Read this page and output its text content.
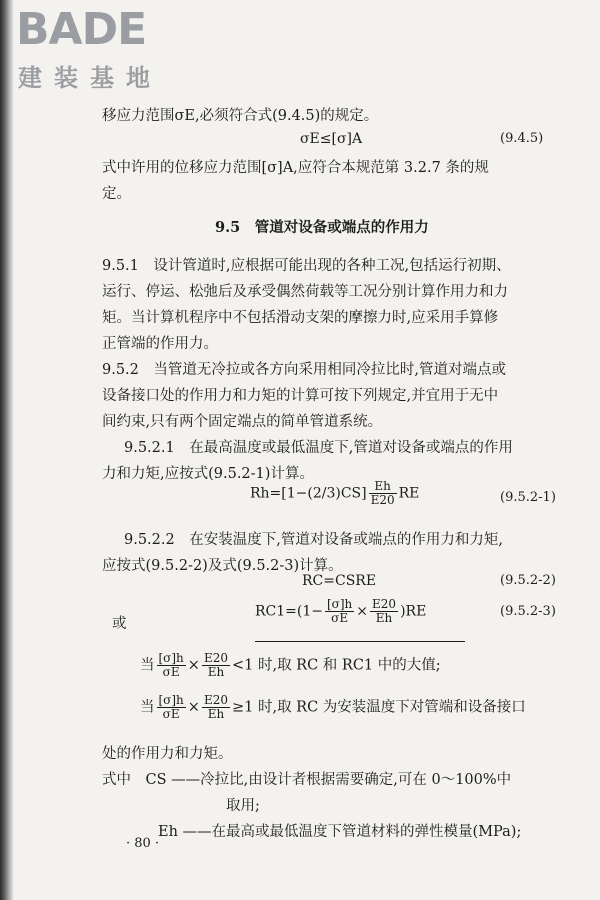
BADE
建装基地
移应力范围σE,必须符合式(9.4.5)的规定。
σE≤[σ]A	(9.4.5)
式中许用的位移应力范围[σ]A,应符合本规范第 3.2.7 条的规
定。
9.5　管道对设备或端点的作用力
9.5.1　设计管道时,应根据可能出现的各种工况,包括运行初期、
运行、停运、松弛后及承受偶然荷载等工况分别计算作用力和力
矩。当计算机程序中不包括滑动支架的摩擦力时,应采用手算修
正管端的作用力。
9.5.2　当管道无冷拉或各方向采用相同冷拉比时,管道对端点或
设备接口处的作用力和力矩的计算可按下列规定,并宜用于无中
间约束,只有两个固定端点的简单管道系统。
9.5.2.1　在最高温度或最低温度下,管道对设备或端点的作用
力和力矩,应按式(9.5.2-1)计算。
$Rh=[1-(2/3)CS] \frac{Eh}{E20}$ RE	(9.5.2-1)
9.5.2.2　在安装温度下,管道对设备或端点的作用力和力矩,
应按式(9.5.2-2)及式(9.5.2-3)计算。
RC=CSRE	(9.5.2-2)
或
$RC1=(1- \frac{[\sigma]h}{\sigma E} \times \frac{E20}{Eh} )RE$	(9.5.2-3)
当 $\frac{[\sigma]h}{\sigma E} \times \frac{E20}{Eh} <1$ 时,取 RC 和 RC1 中的大值;
当 $\frac{[\sigma]h}{\sigma E} \times \frac{E20}{Eh} \ge 1$ 时,取 RC 为安装温度下对管端和设备接口
处的作用力和力矩。
式中　CS ——冷拉比,由设计者根据需要确定,可在 0～100%中
取用;
Eh ——在最高或最低温度下管道材料的弹性模量(MPa);
· 80 ·
